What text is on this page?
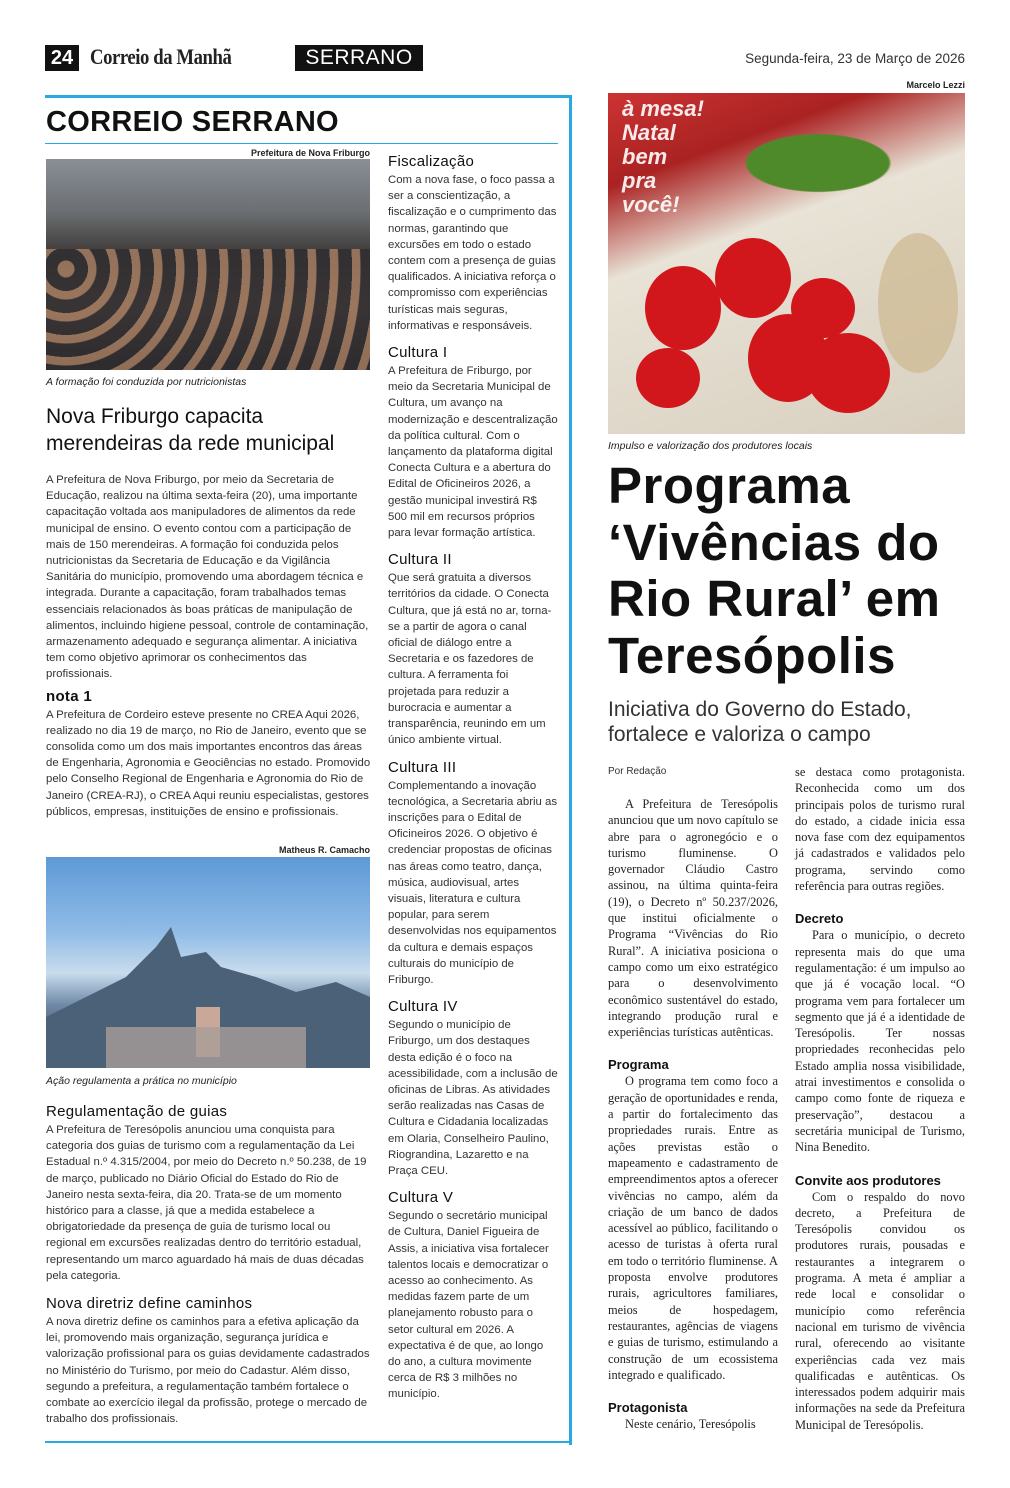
24 Correio da Manhã	SERRANO	Segunda-feira, 23 de Março de 2026
CORREIO SERRANO
Prefeitura de Nova Friburgo
A formação foi conduzida por nutricionistas
Nova Friburgo capacita merendeiras da rede municipal

A Prefeitura de Nova Friburgo, por meio da Secretaria de Educação, realizou na última sexta-feira (20), uma importante capacitação voltada aos manipuladores de alimentos da rede municipal de ensino. O evento contou com a participação de mais de 150 merendeiras. A formação foi conduzida pelos nutricionistas da Secretaria de Educação e da Vigilância Sanitária do município, promovendo uma abordagem técnica e integrada. Durante a capacitação, foram trabalhados temas essenciais relacionados às boas práticas de manipulação de alimentos, incluindo higiene pessoal, controle de contaminação, armazenamento adequado e segurança alimentar. A iniciativa tem como objetivo aprimorar os conhecimentos das profissionais.

nota 1

A Prefeitura de Cordeiro esteve presente no CREA Aqui 2026, realizado no dia 19 de março, no Rio de Janeiro, evento que se consolida como um dos mais importantes encontros das áreas de Engenharia, Agronomia e Geociências no estado. Promovido pelo Conselho Regional de Engenharia e Agronomia do Rio de Janeiro (CREA-RJ), o CREA Aqui reuniu especialistas, gestores públicos, empresas, instituições de ensino e profissionais.

Matheus R. Camacho
Ação regulamenta a prática no município
Regulamentação de guias

A Prefeitura de Teresópolis anunciou uma conquista para categoria dos guias de turismo com a regulamentação da Lei Estadual n.º 4.315/2004, por meio do Decreto n.º 50.238, de 19 de março, publicado no Diário Oficial do Estado do Rio de Janeiro nesta sexta-feira, dia 20. Trata-se de um momento histórico para a classe, já que a medida estabelece a obrigatoriedade da presença de guia de turismo local ou regional em excursões realizadas dentro do território estadual, representando um marco aguardado há mais de duas décadas pela categoria.

Nova diretriz define caminhos

A nova diretriz define os caminhos para a efetiva aplicação da lei, promovendo mais organização, segurança jurídica e valorização profissional para os guias devidamente cadastrados no Ministério do Turismo, por meio do Cadastur. Além disso, segundo a prefeitura, a regulamentação também fortalece o combate ao exercício ilegal da profissão, protege o mercado de trabalho dos profissionais.

Fiscalização

Com a nova fase, o foco passa a ser a conscientização, a fiscalização e o cumprimento das normas, garantindo que excursões em todo o estado contem com a presença de guias qualificados. A iniciativa reforça o compromisso com experiências turísticas mais seguras, informativas e responsáveis.

Cultura I

A Prefeitura de Friburgo, por meio da Secretaria Municipal de Cultura, um avanço na modernização e descentralização da política cultural. Com o lançamento da plataforma digital Conecta Cultura e a abertura do Edital de Oficineiros 2026, a gestão municipal investirá R$ 500 mil em recursos próprios para levar formação artística.

Cultura II

Que será gratuita a diversos territórios da cidade. O Conecta Cultura, que já está no ar, torna-se a partir de agora o canal oficial de diálogo entre a Secretaria e os fazedores de cultura. A ferramenta foi projetada para reduzir a burocracia e aumentar a transparência, reunindo em um único ambiente virtual.

Cultura III

Complementando a inovação tecnológica, a Secretaria abriu as inscrições para o Edital de Oficineiros 2026. O objetivo é credenciar propostas de oficinas nas áreas como teatro, dança, música, audiovisual, artes visuais, literatura e cultura popular, para serem desenvolvidas nos equipamentos da cultura e demais espaços culturais do município de Friburgo.

Cultura IV

Segundo o município de Friburgo, um dos destaques desta edição é o foco na acessibilidade, com a inclusão de oficinas de Libras. As atividades serão realizadas nas Casas de Cultura e Cidadania localizadas em Olaria, Conselheiro Paulino, Riograndina, Lazaretto e na Praça CEU.

Cultura V

Segundo o secretário municipal de Cultura, Daniel Figueira de Assis, a iniciativa visa fortalecer talentos locais e democratizar o acesso ao conhecimento. As medidas fazem parte de um planejamento robusto para o setor cultural em 2026. A expectativa é de que, ao longo do ano, a cultura movimente cerca de R$ 3 milhões no município.

Marcelo Lezzi
à mesa!
Natal bem
pra você!
Impulso e valorização dos produtores locais
Programa ‘Vivências do Rio Rural’ em Teresópolis
Iniciativa do Governo do Estado, fortalece e valoriza o campo
Por Redação

A Prefeitura de Teresópolis anunciou que um novo capítulo se abre para o agronegócio e o turismo fluminense. O governador Cláudio Castro assinou, na última quinta-feira (19), o Decreto nº 50.237/2026, que institui oficialmente o Programa “Vivências do Rio Rural”. A iniciativa posiciona o campo como um eixo estratégico para o desenvolvimento econômico sustentável do estado, integrando produção rural e experiências turísticas autênticas.

Programa

O programa tem como foco a geração de oportunidades e renda, a partir do fortalecimento das propriedades rurais. Entre as ações previstas estão o mapeamento e cadastramento de empreendimentos aptos a oferecer vivências no campo, além da criação de um banco de dados acessível ao público, facilitando o acesso de turistas à oferta rural em todo o território fluminense. A proposta envolve produtores rurais, agricultores familiares, meios de hospedagem, restaurantes, agências de viagens e guias de turismo, estimulando a construção de um ecossistema integrado e qualificado.

Protagonista

Neste cenário, Teresópolis

se destaca como protagonista. Reconhecida como um dos principais polos de turismo rural do estado, a cidade inicia essa nova fase com dez equipamentos já cadastrados e validados pelo programa, servindo como referência para outras regiões.

Decreto

Para o município, o decreto representa mais do que uma regulamentação: é um impulso ao que já é vocação local. “O programa vem para fortalecer um segmento que já é a identidade de Teresópolis. Ter nossas propriedades reconhecidas pelo Estado amplia nossa visibilidade, atrai investimentos e consolida o campo como fonte de riqueza e preservação”, destacou a secretária municipal de Turismo, Nina Benedito.

Convite aos produtores

Com o respaldo do novo decreto, a Prefeitura de Teresópolis convidou os produtores rurais, pousadas e restaurantes a integrarem o programa. A meta é ampliar a rede local e consolidar o município como referência nacional em turismo de vivência rural, oferecendo ao visitante experiências cada vez mais qualificadas e autênticas. Os interessados podem adquirir mais informações na sede da Prefeitura Municipal de Teresópolis.
